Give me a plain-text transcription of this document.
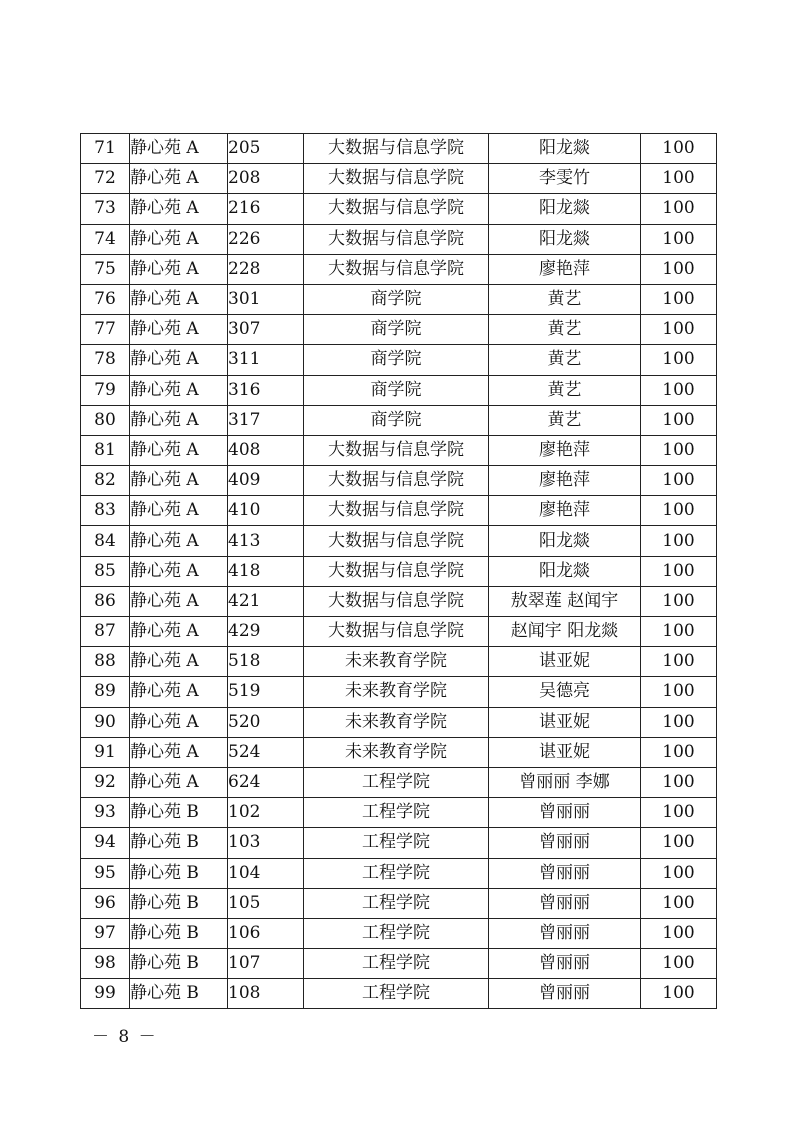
71	静心苑 A	205	大数据与信息学院	阳龙燚	100
72	静心苑 A	208	大数据与信息学院	李雯竹	100
73	静心苑 A	216	大数据与信息学院	阳龙燚	100
74	静心苑 A	226	大数据与信息学院	阳龙燚	100
75	静心苑 A	228	大数据与信息学院	廖艳萍	100
76	静心苑 A	301	商学院	黄艺	100
77	静心苑 A	307	商学院	黄艺	100
78	静心苑 A	311	商学院	黄艺	100
79	静心苑 A	316	商学院	黄艺	100
80	静心苑 A	317	商学院	黄艺	100
81	静心苑 A	408	大数据与信息学院	廖艳萍	100
82	静心苑 A	409	大数据与信息学院	廖艳萍	100
83	静心苑 A	410	大数据与信息学院	廖艳萍	100
84	静心苑 A	413	大数据与信息学院	阳龙燚	100
85	静心苑 A	418	大数据与信息学院	阳龙燚	100
86	静心苑 A	421	大数据与信息学院	敖翠莲 赵闻宇	100
87	静心苑 A	429	大数据与信息学院	赵闻宇 阳龙燚	100
88	静心苑 A	518	未来教育学院	谌亚妮	100
89	静心苑 A	519	未来教育学院	吴德亮	100
90	静心苑 A	520	未来教育学院	谌亚妮	100
91	静心苑 A	524	未来教育学院	谌亚妮	100
92	静心苑 A	624	工程学院	曾丽丽 李娜	100
93	静心苑 B	102	工程学院	曾丽丽	100
94	静心苑 B	103	工程学院	曾丽丽	100
95	静心苑 B	104	工程学院	曾丽丽	100
96	静心苑 B	105	工程学院	曾丽丽	100
97	静心苑 B	106	工程学院	曾丽丽	100
98	静心苑 B	107	工程学院	曾丽丽	100
99	静心苑 B	108	工程学院	曾丽丽	100
－ 8 －
